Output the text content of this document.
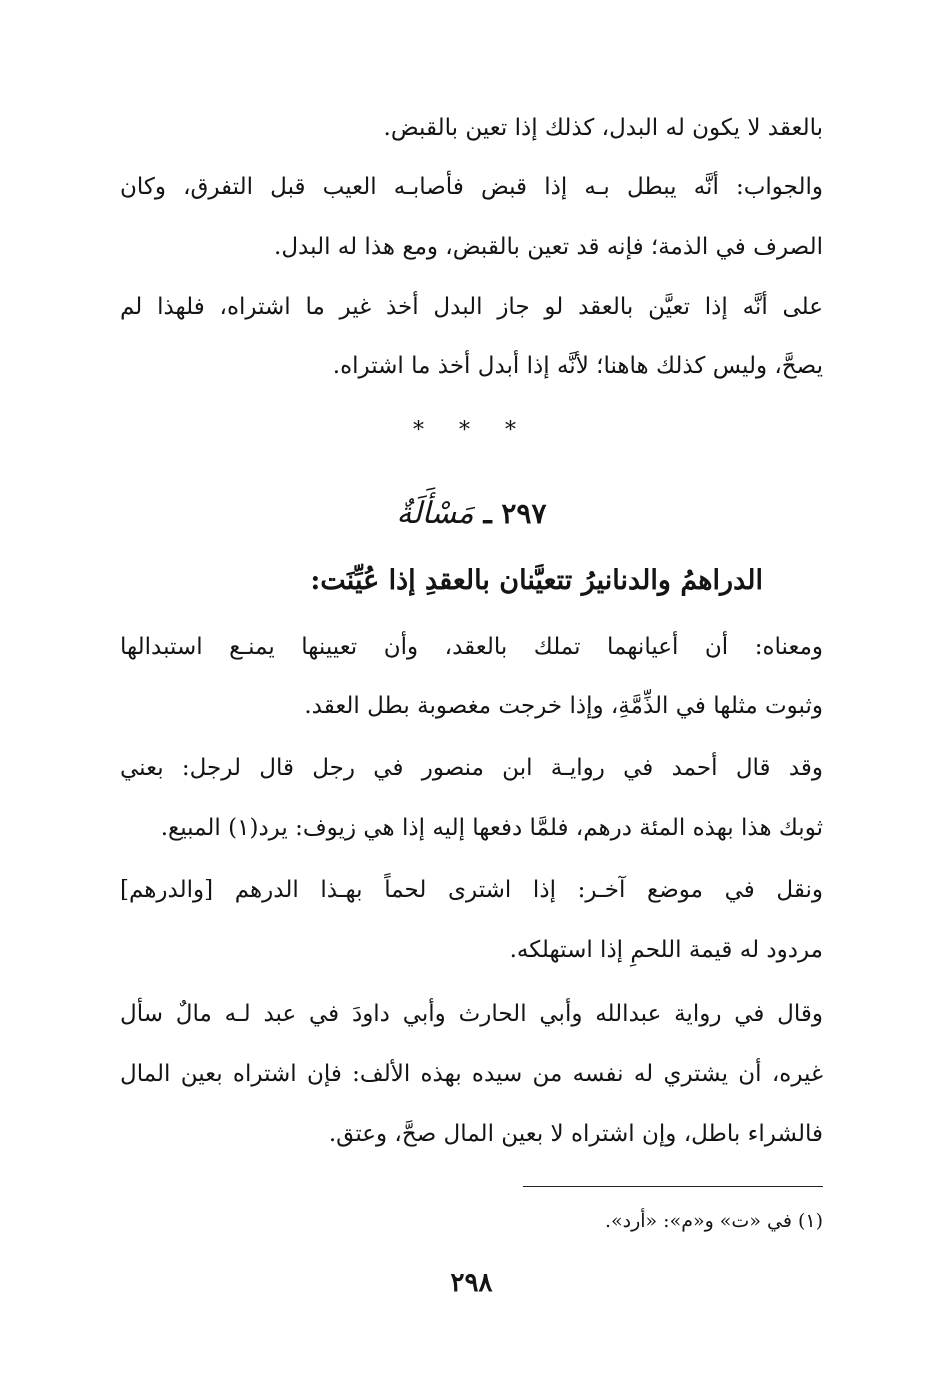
بالعقد لا يكون له البدل، كذلك إذا تعين بالقبض.
والجواب: أنَّه يبطل بـه إذا قبض فأصابـه العيب قبل التفرق، وكان
الصرف في الذمة؛ فإنه قد تعين بالقبض، ومع هذا له البدل.
على أنَّه إذا تعيَّن بالعقد لو جاز البدل أخذ غير ما اشتراه، فلهذا لم
يصحَّ، وليس كذلك هاهنا؛ لأنَّه إذا أبدل أخذ ما اشتراه.
* * *
٢٩٧ ـ مَسْأَلَةٌ
الدراهمُ والدنانيرُ تتعيَّنان بالعقدِ إذا عُيِّنَت:
ومعناه: أن أعيانهما تملك بالعقد، وأن تعيينها يمنـع استبدالها
وثبوت مثلها في الذِّمَّةِ، وإذا خرجت مغصوبة بطل العقد.
وقد قال أحمد في روايـة ابن منصور في رجل قال لرجل: بعني
ثوبك هذا بهذه المئة درهم، فلمَّا دفعها إليه إذا هي زيوف: يرد(١) المبيع.
ونقل في موضع آخـر: إذا اشترى لحماً بهـذا الدرهم [والدرهم]
مردود له قيمة اللحمِ إذا استهلكه.
وقال في رواية عبدالله وأبي الحارث وأبي داودَ في عبد لـه مالٌ سأل
غيره، أن يشتري له نفسه من سيده بهذه الألف: فإن اشتراه بعين المال
فالشراء باطل، وإن اشتراه لا بعين المال صحَّ، وعتق.
(١) في «ت» و«م»: «أرد».
٢٩٨
